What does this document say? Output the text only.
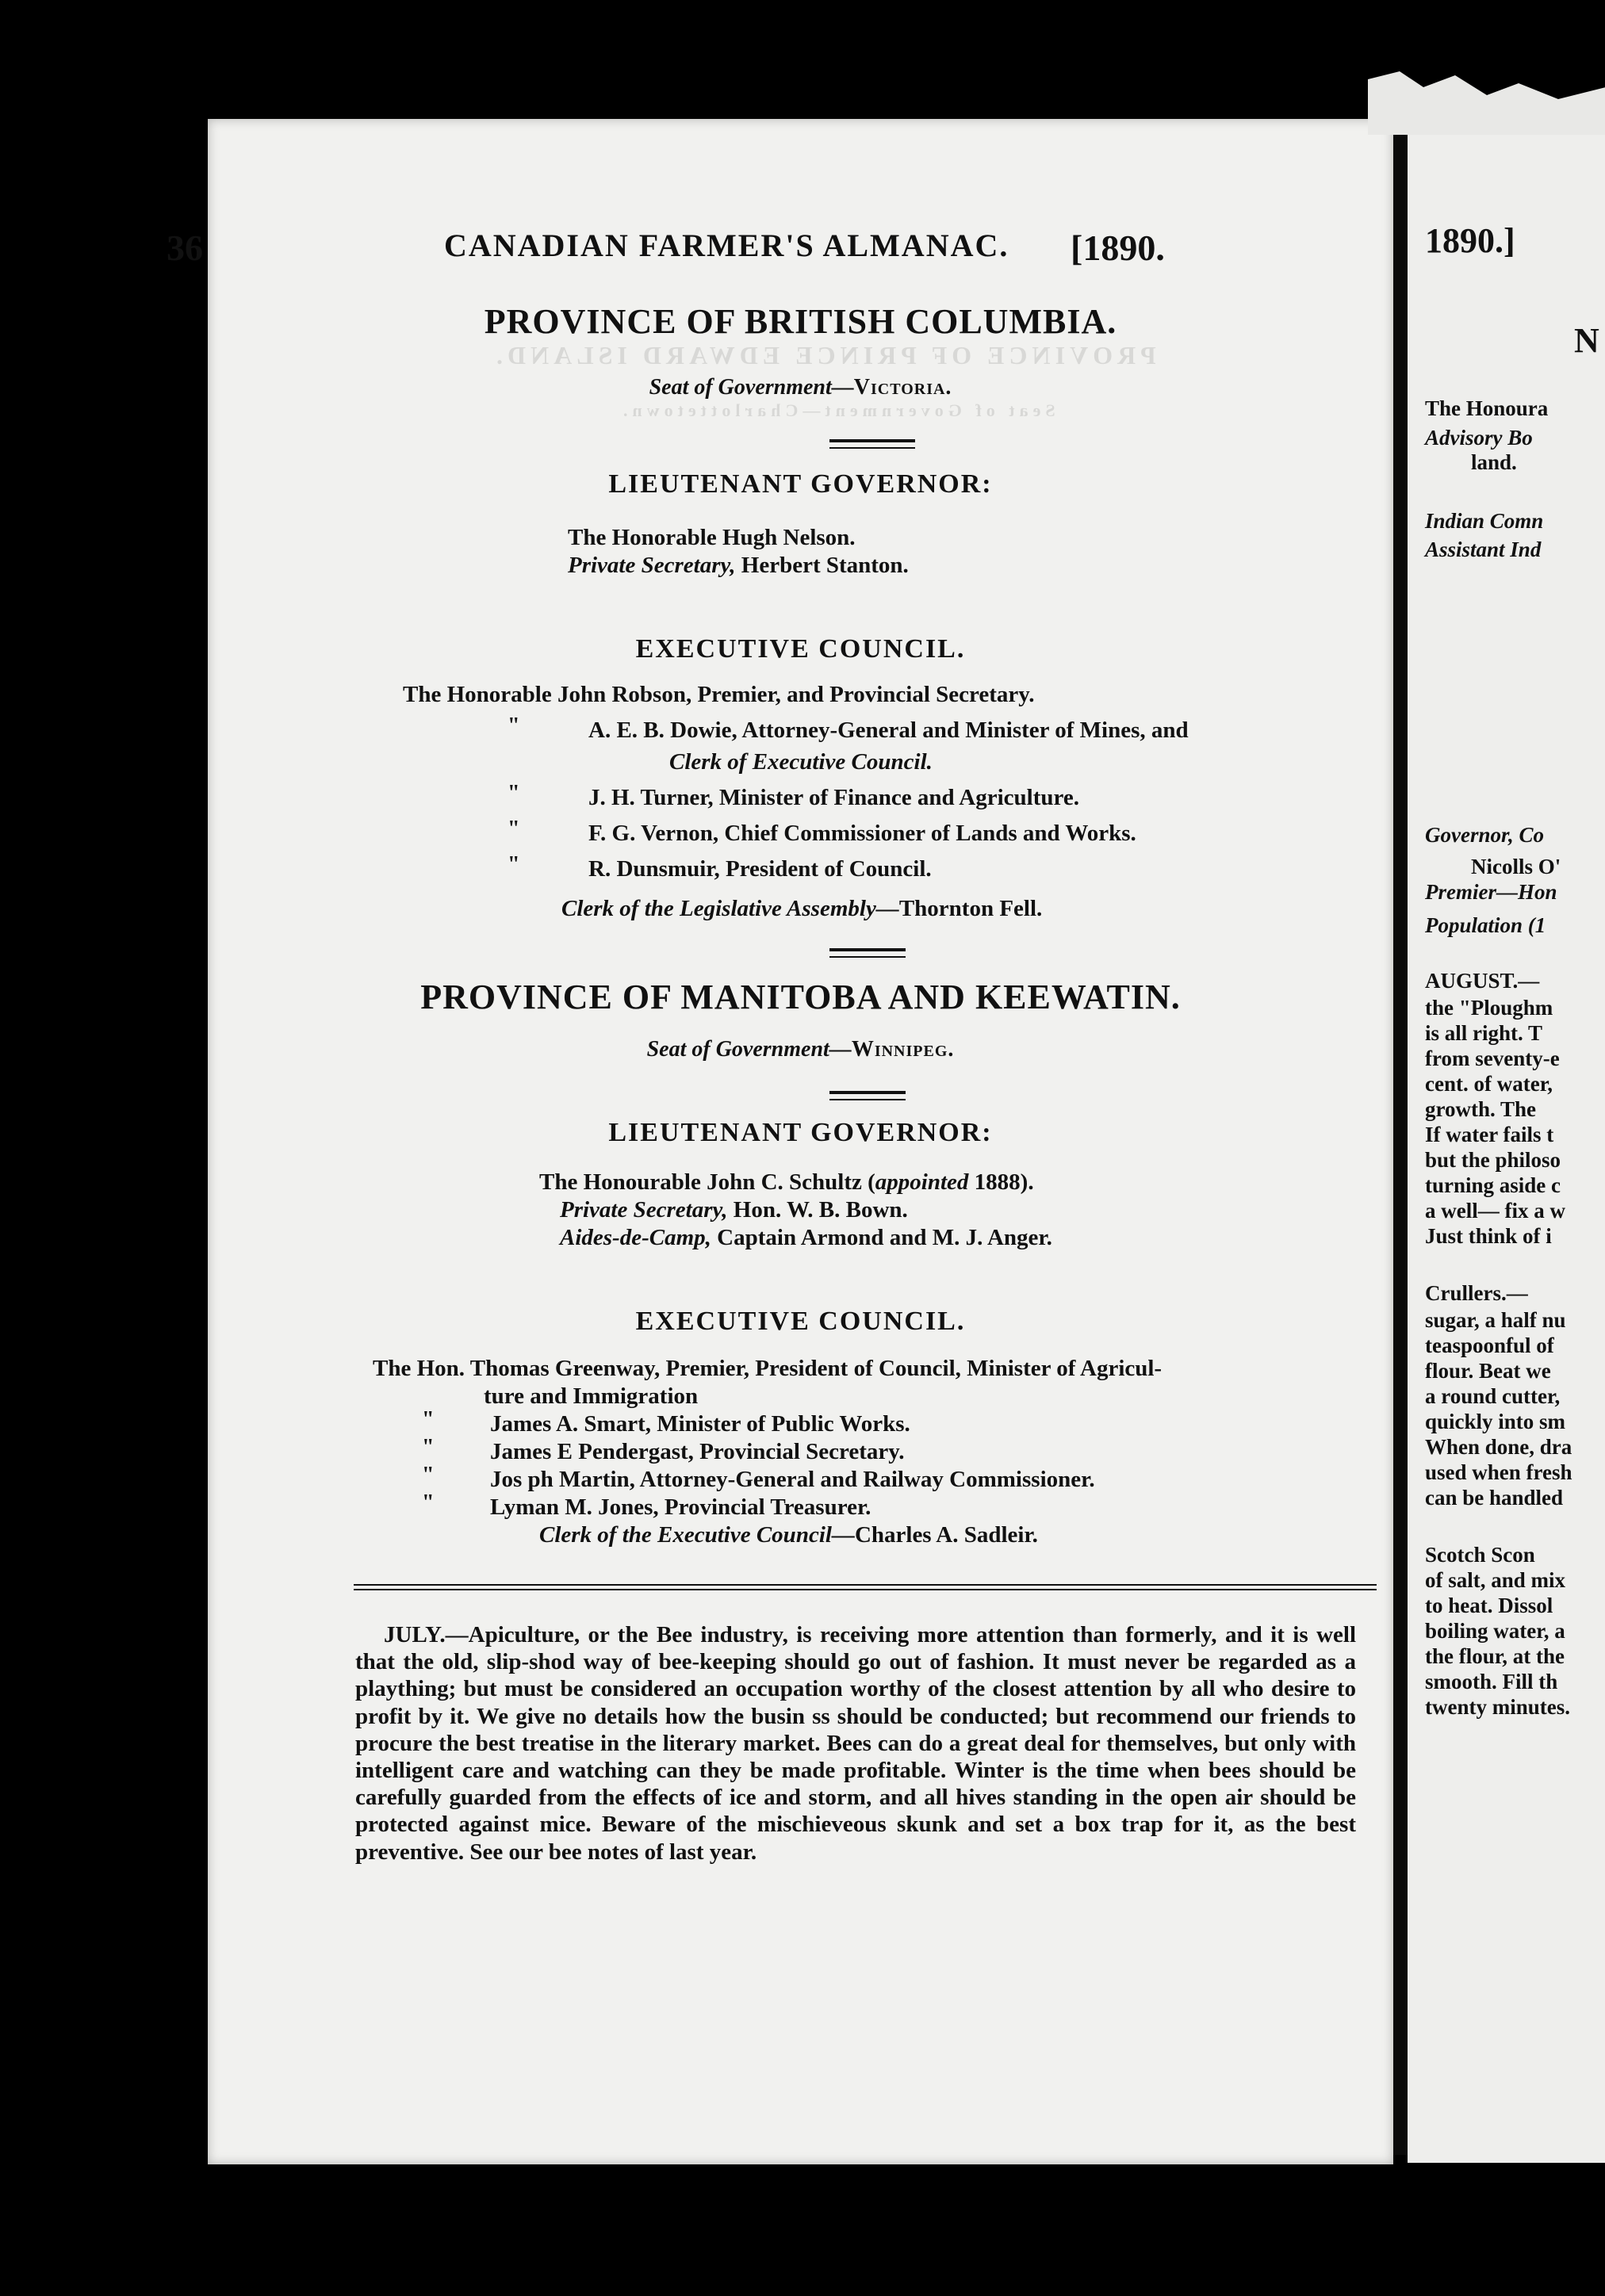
1890.]
N
The Honoura
Advisory Bo
land.
Indian Comn
Assistant Ind
Governor, Co
Nicolls O'
Premier—Hon
Population (1
AUGUST.—
the "Ploughm
is all right. T
from seventy-e
cent. of water,
growth. The
If water fails t
but the philoso
turning aside c
a well— fix a w
Just think of i
Crullers.—
sugar, a half nu
teaspoonful of
flour. Beat we
a round cutter,
quickly into sm
When done, dra
used when fresh
can be handled
Scotch Scon
of salt, and mix
to heat. Dissol
boiling water, a
the flour, at the
smooth. Fill th
twenty minutes.
PROVINCE OF PRINCE EDWARD ISLAND.
Seat of Government—Charlottetown.
36	CANADIAN FARMER'S ALMANAC. [1890.
PROVINCE OF BRITISH COLUMBIA.
Seat of Government—Victoria.
LIEUTENANT GOVERNOR:
The Honorable Hugh Nelson.
Private Secretary, Herbert Stanton.
EXECUTIVE COUNCIL.
The Honorable John Robson, Premier, and Provincial Secretary.
"	A. E. B. Dowie, Attorney-General and Minister of Mines, and
Clerk of Executive Council.
"	J. H. Turner, Minister of Finance and Agriculture.
"	F. G. Vernon, Chief Commissioner of Lands and Works.
"	R. Dunsmuir, President of Council.
Clerk of the Legislative Assembly—Thornton Fell.
PROVINCE OF MANITOBA AND KEEWATIN.
Seat of Government—Winnipeg.
LIEUTENANT GOVERNOR:
The Honourable John C. Schultz (appointed 1888).
Private Secretary, Hon. W. B. Bown.
Aides-de-Camp, Captain Armond and M. J. Anger.
EXECUTIVE COUNCIL.
The Hon. Thomas Greenway, Premier, President of Council, Minister of Agricul-
ture and Immigration
" James A. Smart, Minister of Public Works.
" James E Pendergast, Provincial Secretary.
" Jos ph Martin, Attorney-General and Railway Commissioner.
" Lyman M. Jones, Provincial Treasurer.
Clerk of the Executive Council—Charles A. Sadleir.
JULY.—Apiculture, or the Bee industry, is receiving more attention than formerly, and it is well that the old, slip-shod way of bee-keeping should go out of fashion. It must never be regarded as a plaything; but must be considered an occupation worthy of the closest attention by all who desire to profit by it. We give no details how the busin ss should be conducted; but recommend our friends to procure the best treatise in the literary market. Bees can do a great deal for themselves, but only with intelligent care and watching can they be made profitable. Winter is the time when bees should be carefully guarded from the effects of ice and storm, and all hives standing in the open air should be protected against mice. Beware of the mischieveous skunk and set a box trap for it, as the best preventive. See our bee notes of last year.
